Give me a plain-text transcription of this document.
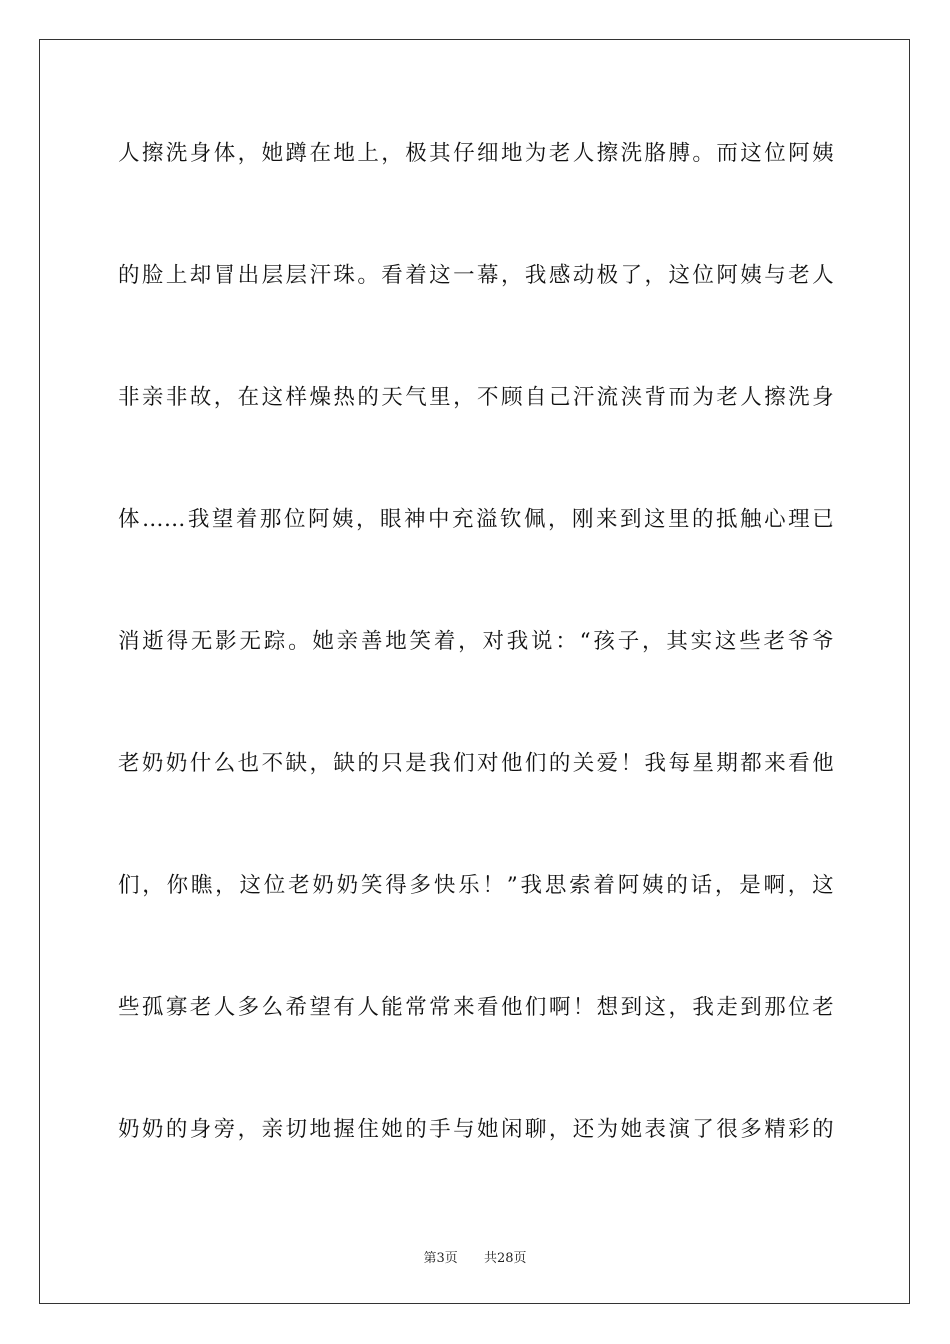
人擦洗身体，她蹲在地上，极其仔细地为老人擦洗胳膊。而这位阿姨
的脸上却冒出层层汗珠。看着这一幕，我感动极了，这位阿姨与老人
非亲非故，在这样燥热的天气里，不顾自己汗流浃背而为老人擦洗身
体……我望着那位阿姨，眼神中充溢钦佩，刚来到这里的抵触心理已
消逝得无影无踪。她亲善地笑着，对我说：“孩子，其实这些老爷爷
老奶奶什么也不缺，缺的只是我们对他们的关爱！我每星期都来看他
们，你瞧，这位老奶奶笑得多快乐！”我思索着阿姨的话，是啊，这
些孤寡老人多么希望有人能常常来看他们啊！想到这，我走到那位老
奶奶的身旁，亲切地握住她的手与她闲聊，还为她表演了很多精彩的
第3页 共28页
